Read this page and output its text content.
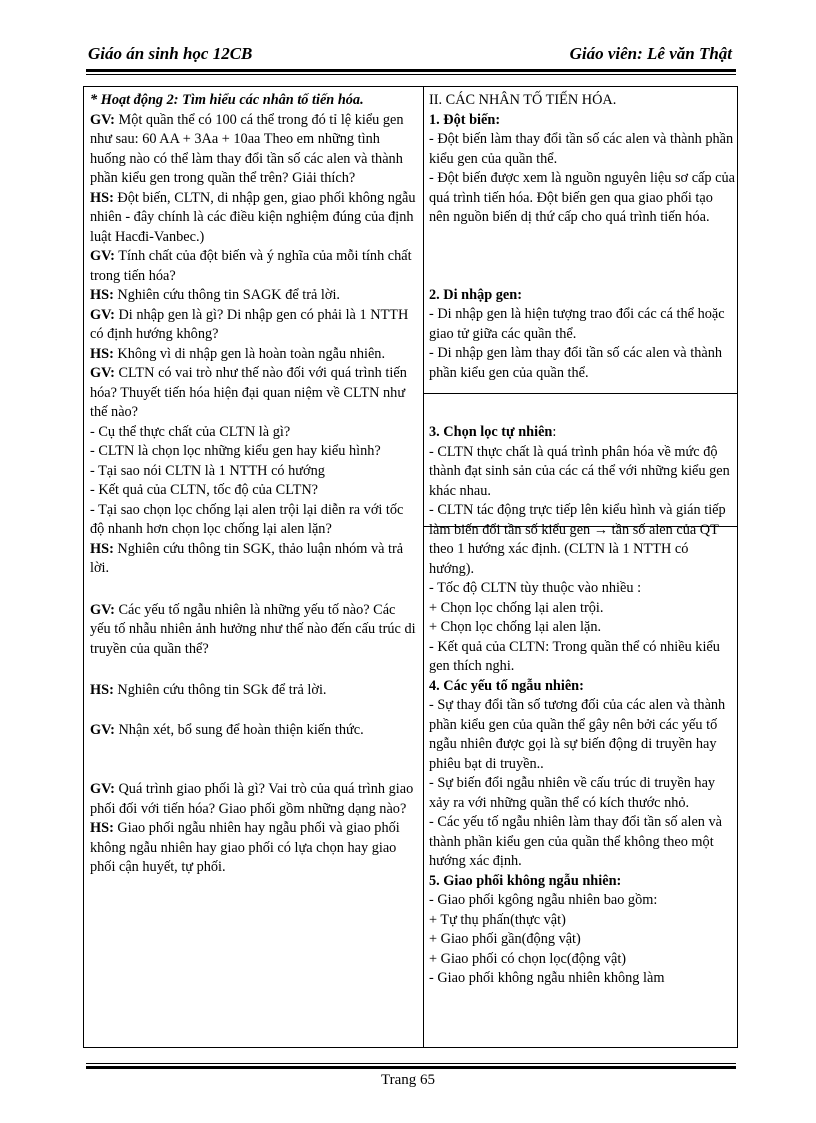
Giáo án sinh học 12CB	Giáo viên: Lê văn Thật

* Hoạt động 2: Tìm hiểu các nhân tố tiến hóa.

GV: Một quần thể có 100 cá thể trong đó tỉ lệ kiểu gen như sau: 60 AA + 3Aa + 10aa Theo em những tình huống nào có thể làm thay đổi tần số các alen và thành phần kiểu gen trong quần thể trên? Giải thích?

HS: Đột biến, CLTN, di nhập gen, giao phối không ngẫu nhiên - đây chính là các điều kiện nghiệm đúng của định luật Hacđi-Vanbec.)

GV: Tính chất của đột biến và ý nghĩa của mỗi tính chất trong tiến hóa?

HS: Nghiên cứu thông tin SAGK để trả lời.

GV: Di nhập gen là gì? Di nhập gen có phải là 1 NTTH có định hướng không?

HS: Không vì di nhập gen là hoàn toàn ngẫu nhiên.

GV: CLTN có vai trò như thế nào đối với quá trình tiến hóa? Thuyết tiến hóa hiện đại quan niệm về CLTN như thế nào?

- Cụ thể thực chất của CLTN là gì?

- CLTN là chọn lọc những kiểu gen hay kiểu hình?

- Tại sao nói CLTN là 1 NTTH có hướng

- Kết quả của CLTN, tốc độ của CLTN?

- Tại sao chọn lọc chống lại alen trội lại diễn ra với tốc độ nhanh hơn chọn lọc chống lại alen lặn?

HS: Nghiên cứu thông tin SGK, thảo luận nhóm và trả lời.

GV: Các yếu tố ngẫu nhiên là những yếu tố nào? Các yếu tố nhẫu nhiên ảnh hưởng như thế nào đến cấu trúc di truyền của quần thể?

HS: Nghiên cứu thông tin SGk để trả lời.

GV: Nhận xét, bổ sung để hoàn thiện kiến thức.

GV: Quá trình giao phối là gì? Vai trò của quá trình giao phối đối với tiến hóa? Giao phối gồm những dạng nào?

HS: Giao phối ngẫu nhiên hay ngẫu phối và giao phối không ngẫu nhiên hay giao phối có lựa chọn hay giao phối cận huyết, tự phối.

II. CÁC NHÂN TỐ TIẾN HÓA.

1. Đột biến:

- Đột biến làm thay đổi tần số các alen và thành phần kiểu gen của quần thể.

- Đột biến được xem là nguồn nguyên liệu sơ cấp của quá trình tiến hóa. Đột biến gen qua giao phối tạo nên nguồn biến dị thứ cấp cho quá trình tiến hóa.

2. Di nhập gen:

- Di nhập gen là hiện tượng trao đổi các cá thể hoặc giao tử giữa các quần thể.

- Di nhập gen làm thay đổi tần số các alen và thành phần kiểu gen của quần thể.

3. Chọn lọc tự nhiên:

- CLTN thực chất là quá trình phân hóa về mức độ thành đạt sinh sản của các cá thể với những kiểu gen khác nhau.

- CLTN tác động trực tiếp lên kiểu hình và gián tiếp làm biến đổi tần số kiểu gen → tần số alen của QT theo 1 hướng xác định. (CLTN là 1 NTTH có hướng).

- Tốc độ CLTN tùy thuộc vào nhiều :

+ Chọn lọc chống lại alen trội.

+ Chọn lọc chống lại alen lặn.

- Kết quả của CLTN: Trong quần thể có nhiều kiểu gen thích nghi.

4. Các yếu tố ngẫu nhiên:

- Sự thay đổi tần số tương đối của các alen và thành phần kiểu gen của quần thể gây nên bởi các yếu tố ngẫu nhiên được gọi là sự biến động di truyền hay phiêu bạt di truyền..

- Sự biến đổi ngẫu nhiên về cấu trúc di truyền hay xảy ra với những quần thể có kích thước nhỏ.

- Các yếu tố ngẫu nhiên làm thay đổi tần số alen và thành phần kiểu gen của quần thể không theo một hướng xác định.

5. Giao phối không ngẫu nhiên:

- Giao phối kgông ngẫu nhiên bao gồm:

+ Tự thụ phấn(thực vật)

+ Giao phối gần(động vật)

+ Giao phối có chọn lọc(động vật)

- Giao phối không ngẫu nhiên không làm

Trang 65
